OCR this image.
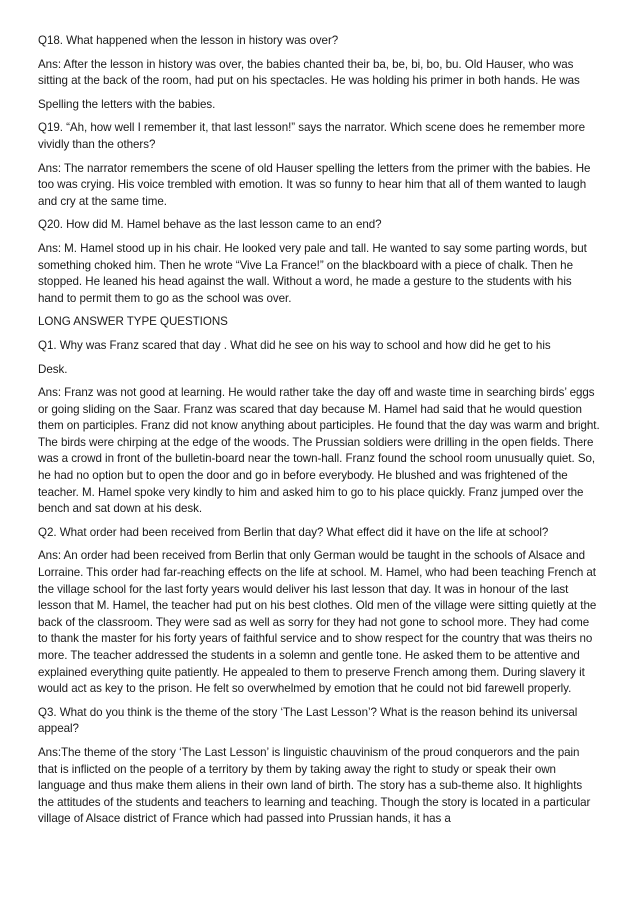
Q18. What happened when the lesson in history was over?

Ans: After the lesson in history was over, the babies chanted their ba, be, bi, bo, bu. Old Hauser, who was sitting at the back of the room, had put on his spectacles. He was holding his primer in both hands. He was

Spelling the letters with the babies.

Q19. “Ah, how well I remember it, that last lesson!” says the narrator. Which scene does he remember more vividly than the others?

Ans: The narrator remembers the scene of old Hauser spelling the letters from the primer with the babies. He too was crying. His voice trembled with emotion. It was so funny to hear him that all of them wanted to laugh and cry at the same time.

Q20. How did M. Hamel behave as the last lesson came to an end?

Ans: M. Hamel stood up in his chair. He looked very pale and tall. He wanted to say some parting words, but something choked him. Then he wrote “Vive La France!” on the blackboard with a piece of chalk. Then he stopped. He leaned his head against the wall. Without a word, he made a gesture to the students with his hand to permit them to go as the school was over.

LONG ANSWER TYPE QUESTIONS

Q1. Why was Franz scared that day . What did he see on his way to school and how did he get to his

Desk.

Ans: Franz was not good at learning. He would rather take the day off and waste time in searching birds’ eggs or going sliding on the Saar. Franz was scared that day because M. Hamel had said that he would question them on participles. Franz did not know anything about participles. He found that the day was warm and bright. The birds were chirping at the edge of the woods. The Prussian soldiers were drilling in the open fields. There was a crowd in front of the bulletin-board near the town-hall. Franz found the school room unusually quiet. So, he had no option but to open the door and go in before everybody. He blushed and was frightened of the teacher. M. Hamel spoke very kindly to him and asked him to go to his place quickly. Franz jumped over the bench and sat down at his desk.

Q2. What order had been received from Berlin that day? What effect did it have on the life at school?

Ans: An order had been received from Berlin that only German would be taught in the schools of Alsace and Lorraine. This order had far-reaching effects on the life at school. M. Hamel, who had been teaching French at the village school for the last forty years would deliver his last lesson that day. It was in honour of the last lesson that M. Hamel, the teacher had put on his best clothes. Old men of the village were sitting quietly at the back of the classroom. They were sad as well as sorry for they had not gone to school more. They had come to thank the master for his forty years of faithful service and to show respect for the country that was theirs no more. The teacher addressed the students in a solemn and gentle tone. He asked them to be attentive and explained everything quite patiently. He appealed to them to preserve French among them. During slavery it would act as key to the prison. He felt so overwhelmed by emotion that he could not bid farewell properly.

Q3. What do you think is the theme of the story ‘The Last Lesson’? What is the reason behind its universal appeal?

Ans:The theme of the story ‘The Last Lesson’ is linguistic chauvinism of the proud conquerors and the pain that is inflicted on the people of a territory by them by taking away the right to study or speak their own language and thus make them aliens in their own land of birth. The story has a sub-theme also. It highlights the attitudes of the students and teachers to learning and teaching. Though the story is located in a particular village of Alsace district of France which had passed into Prussian hands, it has a
